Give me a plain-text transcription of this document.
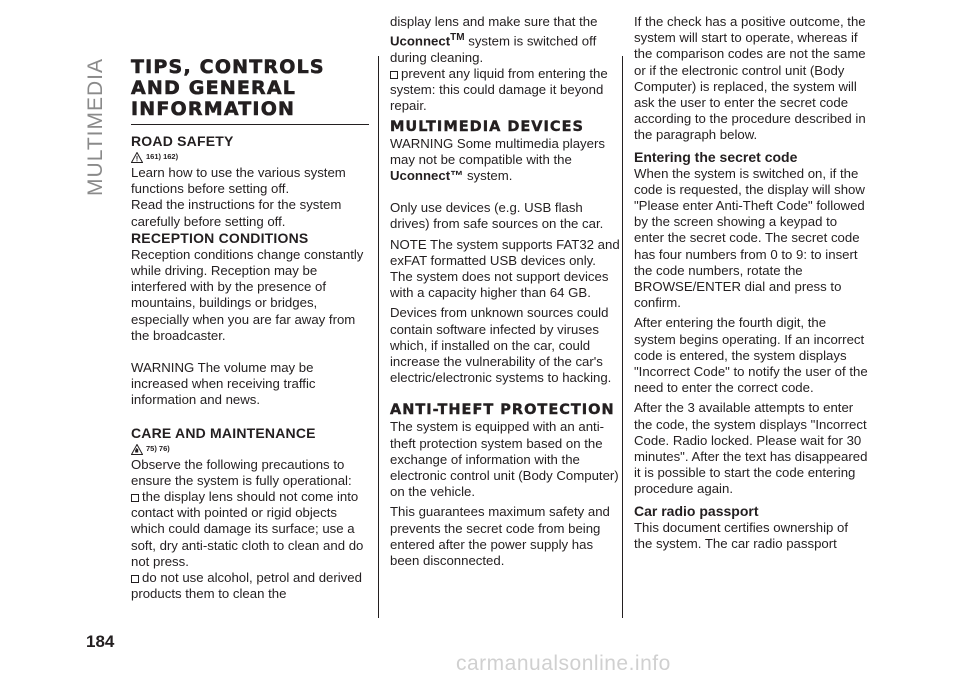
MULTIMEDIA TIPS, CONTROLS AND GENERAL INFORMATION
ROAD SAFETY
161) 162)

Learn how to use the various system functions before setting off.

Read the instructions for the system carefully before setting off.

RECEPTION CONDITIONS

Reception conditions change constantly while driving. Reception may be interfered with by the presence of mountains, buildings or bridges, especially when you are far away from the broadcaster.

WARNING The volume may be increased when receiving traffic information and news.

CARE AND MAINTENANCE
75) 76)

Observe the following precautions to ensure the system is fully operational:

the display lens should not come into contact with pointed or rigid objects which could damage its surface; use a soft, dry anti-static cloth to clean and do not press.

do not use alcohol, petrol and derived products them to clean the

display lens and make sure that the
Uconnect™ system is switched off during cleaning.

prevent any liquid from entering the system: this could damage it beyond repair.

MULTIMEDIA DEVICES

WARNING Some multimedia players may not be compatible with the Uconnect™ system.

Only use devices (e.g. USB flash drives) from safe sources on the car.

NOTE The system supports FAT32 and exFAT formatted USB devices only. The system does not support devices with a capacity higher than 64 GB.

Devices from unknown sources could contain software infected by viruses which, if installed on the car, could increase the vulnerability of the car's electric/electronic systems to hacking.

ANTI-THEFT PROTECTION

The system is equipped with an anti-theft protection system based on the exchange of information with the electronic control unit (Body Computer) on the vehicle.

This guarantees maximum safety and prevents the secret code from being entered after the power supply has been disconnected.

If the check has a positive outcome, the system will start to operate, whereas if the comparison codes are not the same or if the electronic control unit (Body Computer) is replaced, the system will ask the user to enter the secret code according to the procedure described in the paragraph below.

Entering the secret code

When the system is switched on, if the code is requested, the display will show "Please enter Anti-Theft Code" followed by the screen showing a keypad to enter the secret code. The secret code has four numbers from 0 to 9: to insert the code numbers, rotate the BROWSE/ENTER dial and press to confirm.

After entering the fourth digit, the system begins operating. If an incorrect code is entered, the system displays "Incorrect Code" to notify the user of the need to enter the correct code.

After the 3 available attempts to enter the code, the system displays "Incorrect Code. Radio locked. Please wait for 30 minutes". After the text has disappeared it is possible to start the code entering procedure again.

Car radio passport

This document certifies ownership of the system. The car radio passport

184
carmanualsonline.info
